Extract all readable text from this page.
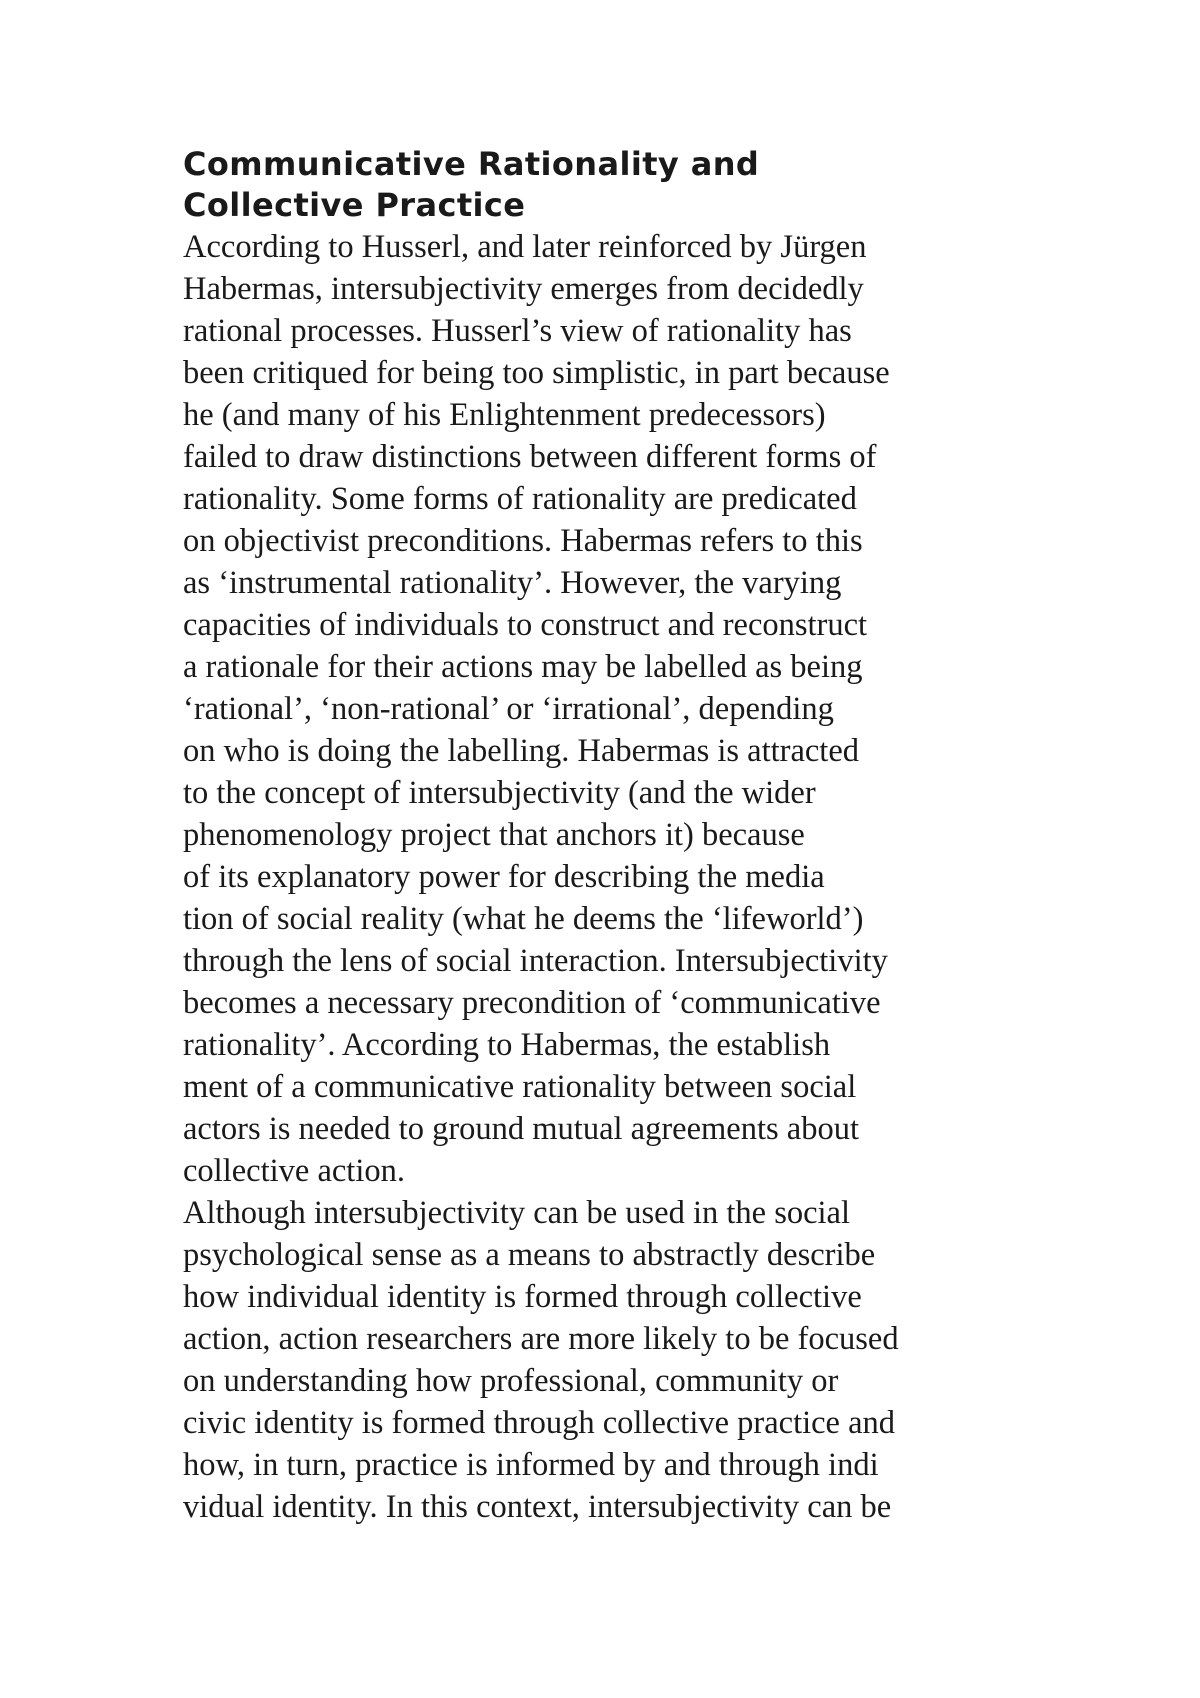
Communicative Rationality and
Collective Practice

According to Husserl, and later reinforced by Jürgen
Habermas, intersubjectivity emerges from decidedly
rational processes. Husserl’s view of rationality has
been critiqued for being too simplistic, in part because
he (and many of his Enlightenment predecessors)
failed to draw distinctions between different forms of
rationality. Some forms of rationality are predicated
on objectivist preconditions. Habermas refers to this
as ‘instrumental rationality’. However, the varying
capacities of individuals to construct and reconstruct
a rationale for their actions may be labelled as being
‘rational’, ‘non-rational’ or ‘irrational’, depending
on who is doing the labelling. Habermas is attracted
to the concept of intersubjectivity (and the wider
phenomenology project that anchors it) because
of its explanatory power for describing the media
tion of social reality (what he deems the ‘lifeworld’)
through the lens of social interaction. Intersubjectivity
becomes a necessary precondition of ‘communicative
rationality’. According to Habermas, the establish
ment of a communicative rationality between social
actors is needed to ground mutual agreements about
collective action.

Although intersubjectivity can be used in the social
psychological sense as a means to abstractly describe
how individual identity is formed through collective
action, action researchers are more likely to be focused
on understanding how professional, community or
civic identity is formed through collective practice and
how, in turn, practice is informed by and through indi
vidual identity. In this context, intersubjectivity can be
